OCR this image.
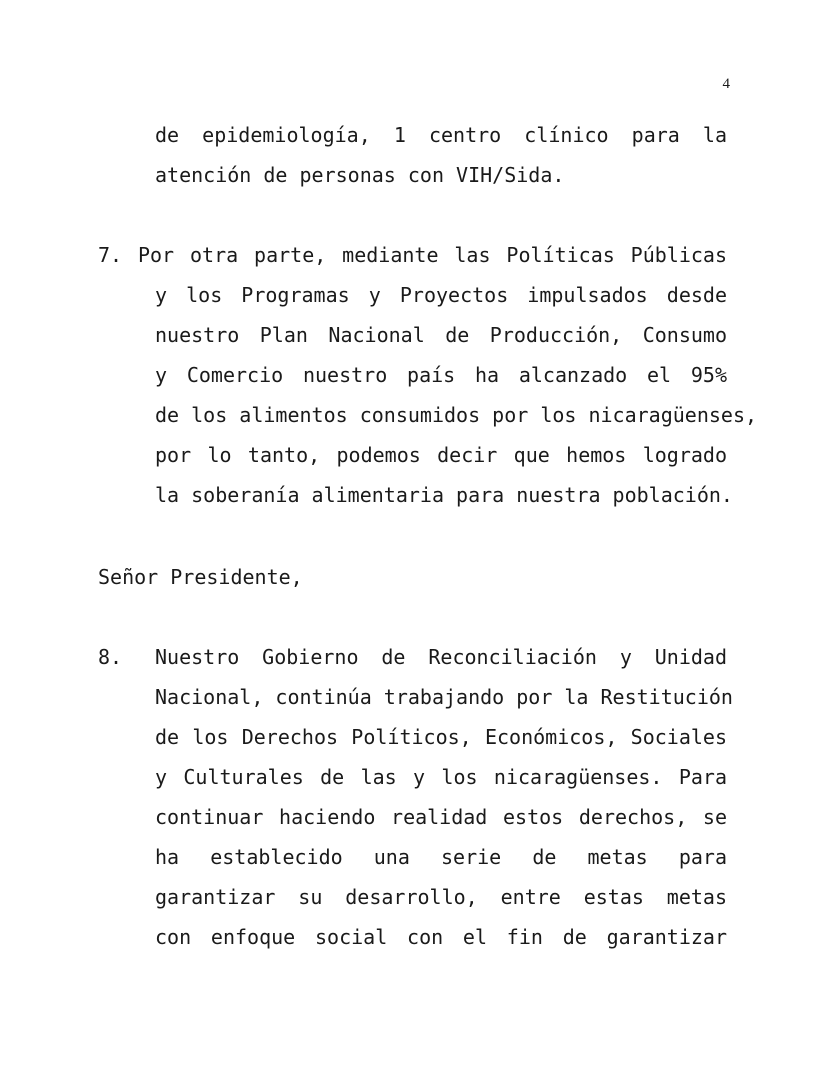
4
de epidemiología, 1 centro clínico para la
atención de personas con VIH/Sida.
7. Por otra parte, mediante las Políticas Públicas
y los Programas y Proyectos impulsados desde
nuestro Plan Nacional de Producción, Consumo
y Comercio nuestro país ha alcanzado el 95%
de los alimentos consumidos por los nicaragüenses,
por lo tanto, podemos decir que hemos logrado
la soberanía alimentaria para nuestra población.
Señor Presidente,
8. Nuestro Gobierno de Reconciliación y Unidad
Nacional, continúa trabajando por la Restitución
de los Derechos Políticos, Económicos, Sociales
y Culturales de las y los nicaragüenses. Para
continuar haciendo realidad estos derechos, se
ha establecido una serie de metas para
garantizar su desarrollo, entre estas metas
con enfoque social con el fin de garantizar
